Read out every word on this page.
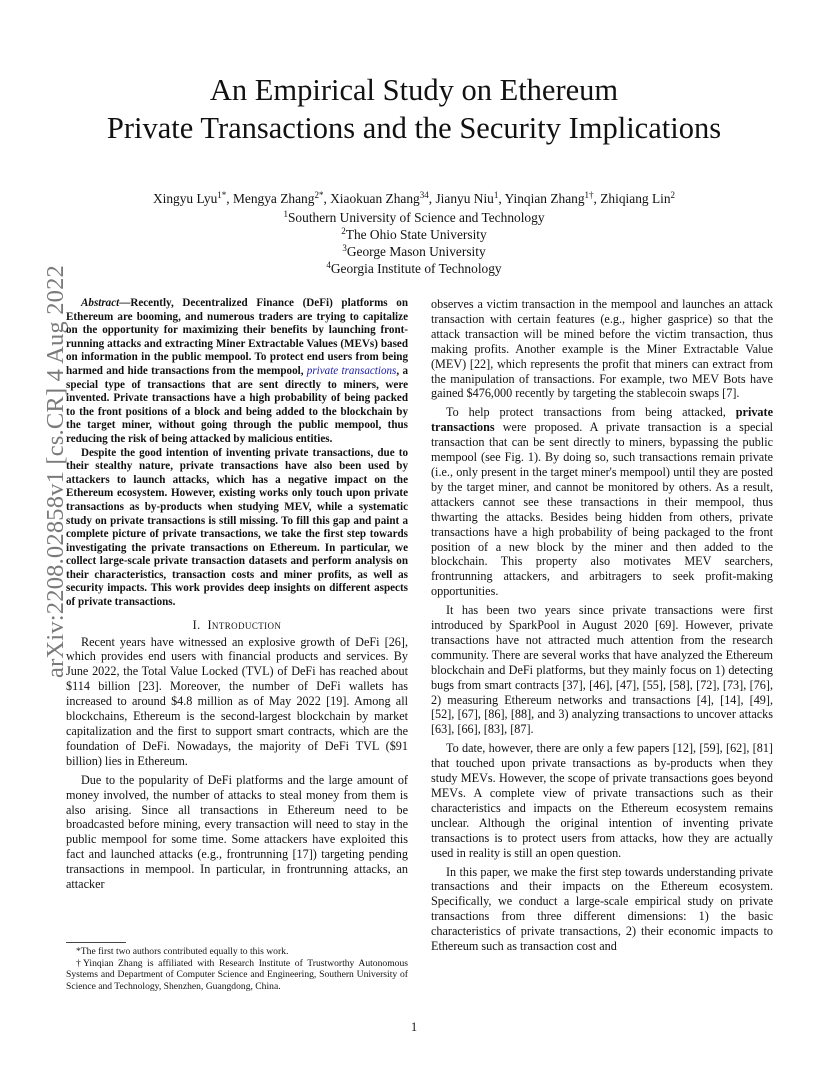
arXiv:2208.02858v1 [cs.CR] 4 Aug 2022
An Empirical Study on Ethereum
Private Transactions and the Security Implications
Xingyu Lyu$^{1*}$, Mengya Zhang$^{2*}$, Xiaokuan Zhang$^{34}$, Jianyu Niu$^1$, Yinqian Zhang$^{1\dagger}$, Zhiqiang Lin$^2$
$^1$Southern University of Science and Technology
$^2$The Ohio State University
$^3$George Mason University
$^4$Georgia Institute of Technology

Abstract—Recently, Decentralized Finance (DeFi) platforms on Ethereum are booming, and numerous traders are trying to capitalize on the opportunity for maximizing their benefits by launching front-running attacks and extracting Miner Extractable Values (MEVs) based on information in the public mempool. To protect end users from being harmed and hide transactions from the mempool, private transactions, a special type of transactions that are sent directly to miners, were invented. Private transactions have a high probability of being packed to the front positions of a block and being added to the blockchain by the target miner, without going through the public mempool, thus reducing the risk of being attacked by malicious entities.

Despite the good intention of inventing private transactions, due to their stealthy nature, private transactions have also been used by attackers to launch attacks, which has a negative impact on the Ethereum ecosystem. However, existing works only touch upon private transactions as by-products when studying MEV, while a systematic study on private transactions is still missing. To fill this gap and paint a complete picture of private transactions, we take the first step towards investigating the private transactions on Ethereum. In particular, we collect large-scale private transaction datasets and perform analysis on their characteristics, transaction costs and miner profits, as well as security impacts. This work provides deep insights on different aspects of private transactions.

I. Introduction

Recent years have witnessed an explosive growth of DeFi [26], which provides end users with financial products and services. By June 2022, the Total Value Locked (TVL) of DeFi has reached about $114 billion [23]. Moreover, the number of DeFi wallets has increased to around $4.8 million as of May 2022 [19]. Among all blockchains, Ethereum is the second-largest blockchain by market capitalization and the first to support smart contracts, which are the foundation of DeFi. Nowadays, the majority of DeFi TVL ($91 billion) lies in Ethereum.

Due to the popularity of DeFi platforms and the large amount of money involved, the number of attacks to steal money from them is also arising. Since all transactions in Ethereum need to be broadcasted before mining, every transaction will need to stay in the public mempool for some time. Some attackers have exploited this fact and launched attacks (e.g., frontrunning [17]) targeting pending transactions in mempool. In particular, in frontrunning attacks, an attacker

*The first two authors contributed equally to this work.

†Yinqian Zhang is affiliated with Research Institute of Trustworthy Autonomous Systems and Department of Computer Science and Engineering, Southern University of Science and Technology, Shenzhen, Guangdong, China.

observes a victim transaction in the mempool and launches an attack transaction with certain features (e.g., higher gasprice) so that the attack transaction will be mined before the victim transaction, thus making profits. Another example is the Miner Extractable Value (MEV) [22], which represents the profit that miners can extract from the manipulation of transactions. For example, two MEV Bots have gained $476,000 recently by targeting the stablecoin swaps [7].

To help protect transactions from being attacked, private transactions were proposed. A private transaction is a special transaction that can be sent directly to miners, bypassing the public mempool (see Fig. 1). By doing so, such transactions remain private (i.e., only present in the target miner's mempool) until they are posted by the target miner, and cannot be monitored by others. As a result, attackers cannot see these transactions in their mempool, thus thwarting the attacks. Besides being hidden from others, private transactions have a high probability of being packaged to the front position of a new block by the miner and then added to the blockchain. This property also motivates MEV searchers, frontrunning attackers, and arbitragers to seek profit-making opportunities.

It has been two years since private transactions were first introduced by SparkPool in August 2020 [69]. However, private transactions have not attracted much attention from the research community. There are several works that have analyzed the Ethereum blockchain and DeFi platforms, but they mainly focus on 1) detecting bugs from smart contracts [37], [46], [47], [55], [58], [72], [73], [76], 2) measuring Ethereum networks and transactions [4], [14], [49], [52], [67], [86], [88], and 3) analyzing transactions to uncover attacks [63], [66], [83], [87].

To date, however, there are only a few papers [12], [59], [62], [81] that touched upon private transactions as by-products when they study MEVs. However, the scope of private transactions goes beyond MEVs. A complete view of private transactions such as their characteristics and impacts on the Ethereum ecosystem remains unclear. Although the original intention of inventing private transactions is to protect users from attacks, how they are actually used in reality is still an open question.

In this paper, we make the first step towards understanding private transactions and their impacts on the Ethereum ecosystem. Specifically, we conduct a large-scale empirical study on private transactions from three different dimensions: 1) the basic characteristics of private transactions, 2) their economic impacts to Ethereum such as transaction cost and

1
